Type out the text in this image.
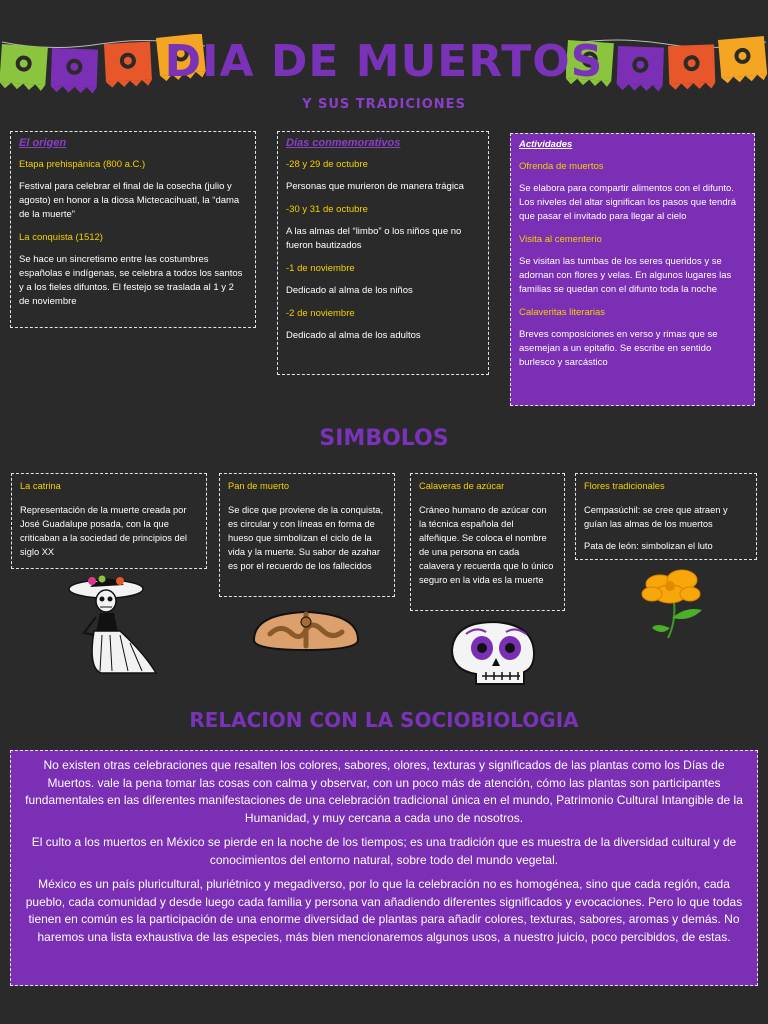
DIA DE MUERTOS
Y SUS TRADICIONES

El origen

Etapa prehispánica (800 a.C.)

Festival para celebrar el final de la cosecha (julio y agosto) en honor a la diosa Mictecacihuatl, la “dama de la muerte”

La conquista (1512)

Se hace un sincretismo entre las costumbres españolas e indígenas, se celebra a todos los santos y a los fieles difuntos. El festejo se traslada al 1 y 2 de noviembre

Días conmemorativos

-28 y 29 de octubre

Personas que murieron de manera trágica

-30 y 31 de octubre

A las almas del “limbo” o los niños que no fueron bautizados

-1 de noviembre

Dedicado al alma de los niños

-2 de noviembre

Dedicado al alma de los adultos

Actividades

Ofrenda de muertos

Se elabora para compartir alimentos con el difunto. Los niveles del altar significan los pasos que tendrá que pasar el invitado para llegar al cielo

Visita al cementerio

Se visitan las tumbas de los seres queridos y se adornan con flores y velas. En algunos lugares las familias se quedan con el difunto toda la noche

Calaveritas literarias

Breves composiciones en verso y rimas que se asemejan a un epitafio. Se escribe en sentido burlesco y sarcástico

SIMBOLOS
La catrina
Representación de la muerte creada por José Guadalupe posada, con la que criticaban a la sociedad de principios del siglo XX
Pan de muerto
Se dice que proviene de la conquista, es circular y con líneas en forma de hueso que simbolizan el ciclo de la vida y la muerte. Su sabor de azahar es por el recuerdo de los fallecidos
Calaveras de azúcar
Cráneo humano de azúcar con la técnica española del alfeñique. Se coloca el nombre de una persona en cada calavera y recuerda que lo único seguro en la vida es la muerte
Flores tradicionales
Cempasúchil: se cree que atraen y guían las almas de los muertos
Pata de león: simbolizan el luto
RELACION CON LA SOCIOBIOLOGIA

No existen otras celebraciones que resalten los colores, sabores, olores, texturas y significados de las plantas como los Días de Muertos. vale la pena tomar las cosas con calma y observar, con un poco más de atención, cómo las plantas son participantes fundamentales en las diferentes manifestaciones de una celebración tradicional única en el mundo, Patrimonio Cultural Intangible de la Humanidad, y muy cercana a cada uno de nosotros.

El culto a los muertos en México se pierde en la noche de los tiempos; es una tradición que es muestra de la diversidad cultural y de conocimientos del entorno natural, sobre todo del mundo vegetal.

México es un país pluricultural, pluriétnico y megadiverso, por lo que la celebración no es homogénea, sino que cada región, cada pueblo, cada comunidad y desde luego cada familia y persona van añadiendo diferentes significados y evocaciones. Pero lo que todas tienen en común es la participación de una enorme diversidad de plantas para añadir colores, texturas, sabores, aromas y demás. No haremos una lista exhaustiva de las especies, más bien mencionaremos algunos usos, a nuestro juicio, poco percibidos, de estas.
